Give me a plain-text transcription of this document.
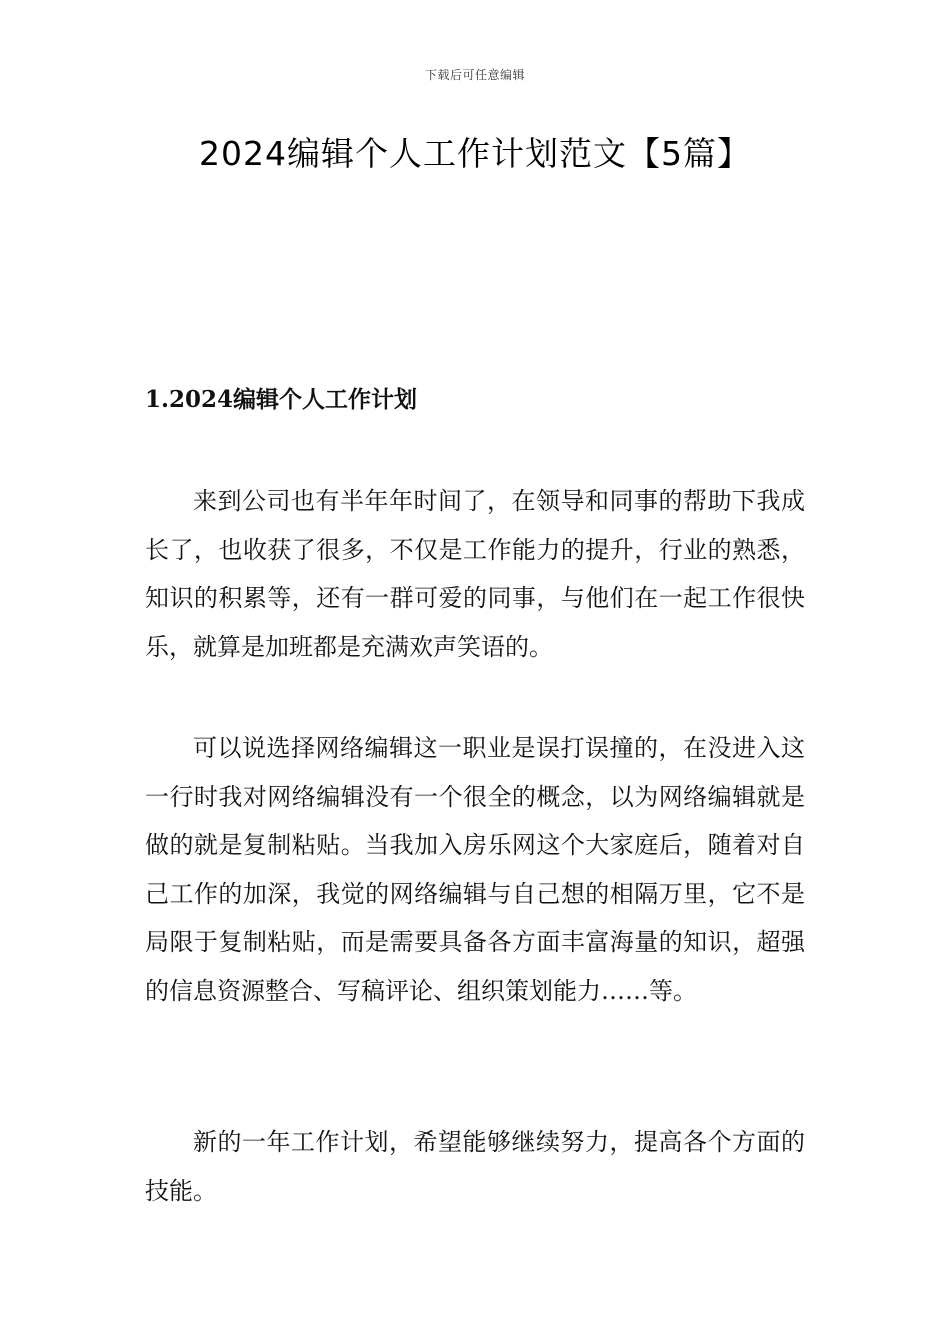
下载后可任意编辑
2024编辑个人工作计划范文【5篇】
1.2024编辑个人工作计划

来到公司也有半年年时间了，在领导和同事的帮助下我成长了，也收获了很多，不仅是工作能力的提升，行业的熟悉，知识的积累等，还有一群可爱的同事，与他们在一起工作很快乐，就算是加班都是充满欢声笑语的。

可以说选择网络编辑这一职业是误打误撞的，在没进入这一行时我对网络编辑没有一个很全的概念，以为网络编辑就是做的就是复制粘贴。当我加入房乐网这个大家庭后，随着对自己工作的加深，我觉的网络编辑与自己想的相隔万里，它不是局限于复制粘贴，而是需要具备各方面丰富海量的知识，超强的信息资源整合、写稿评论、组织策划能力……等。

新的一年工作计划，希望能够继续努力，提高各个方面的技能。
